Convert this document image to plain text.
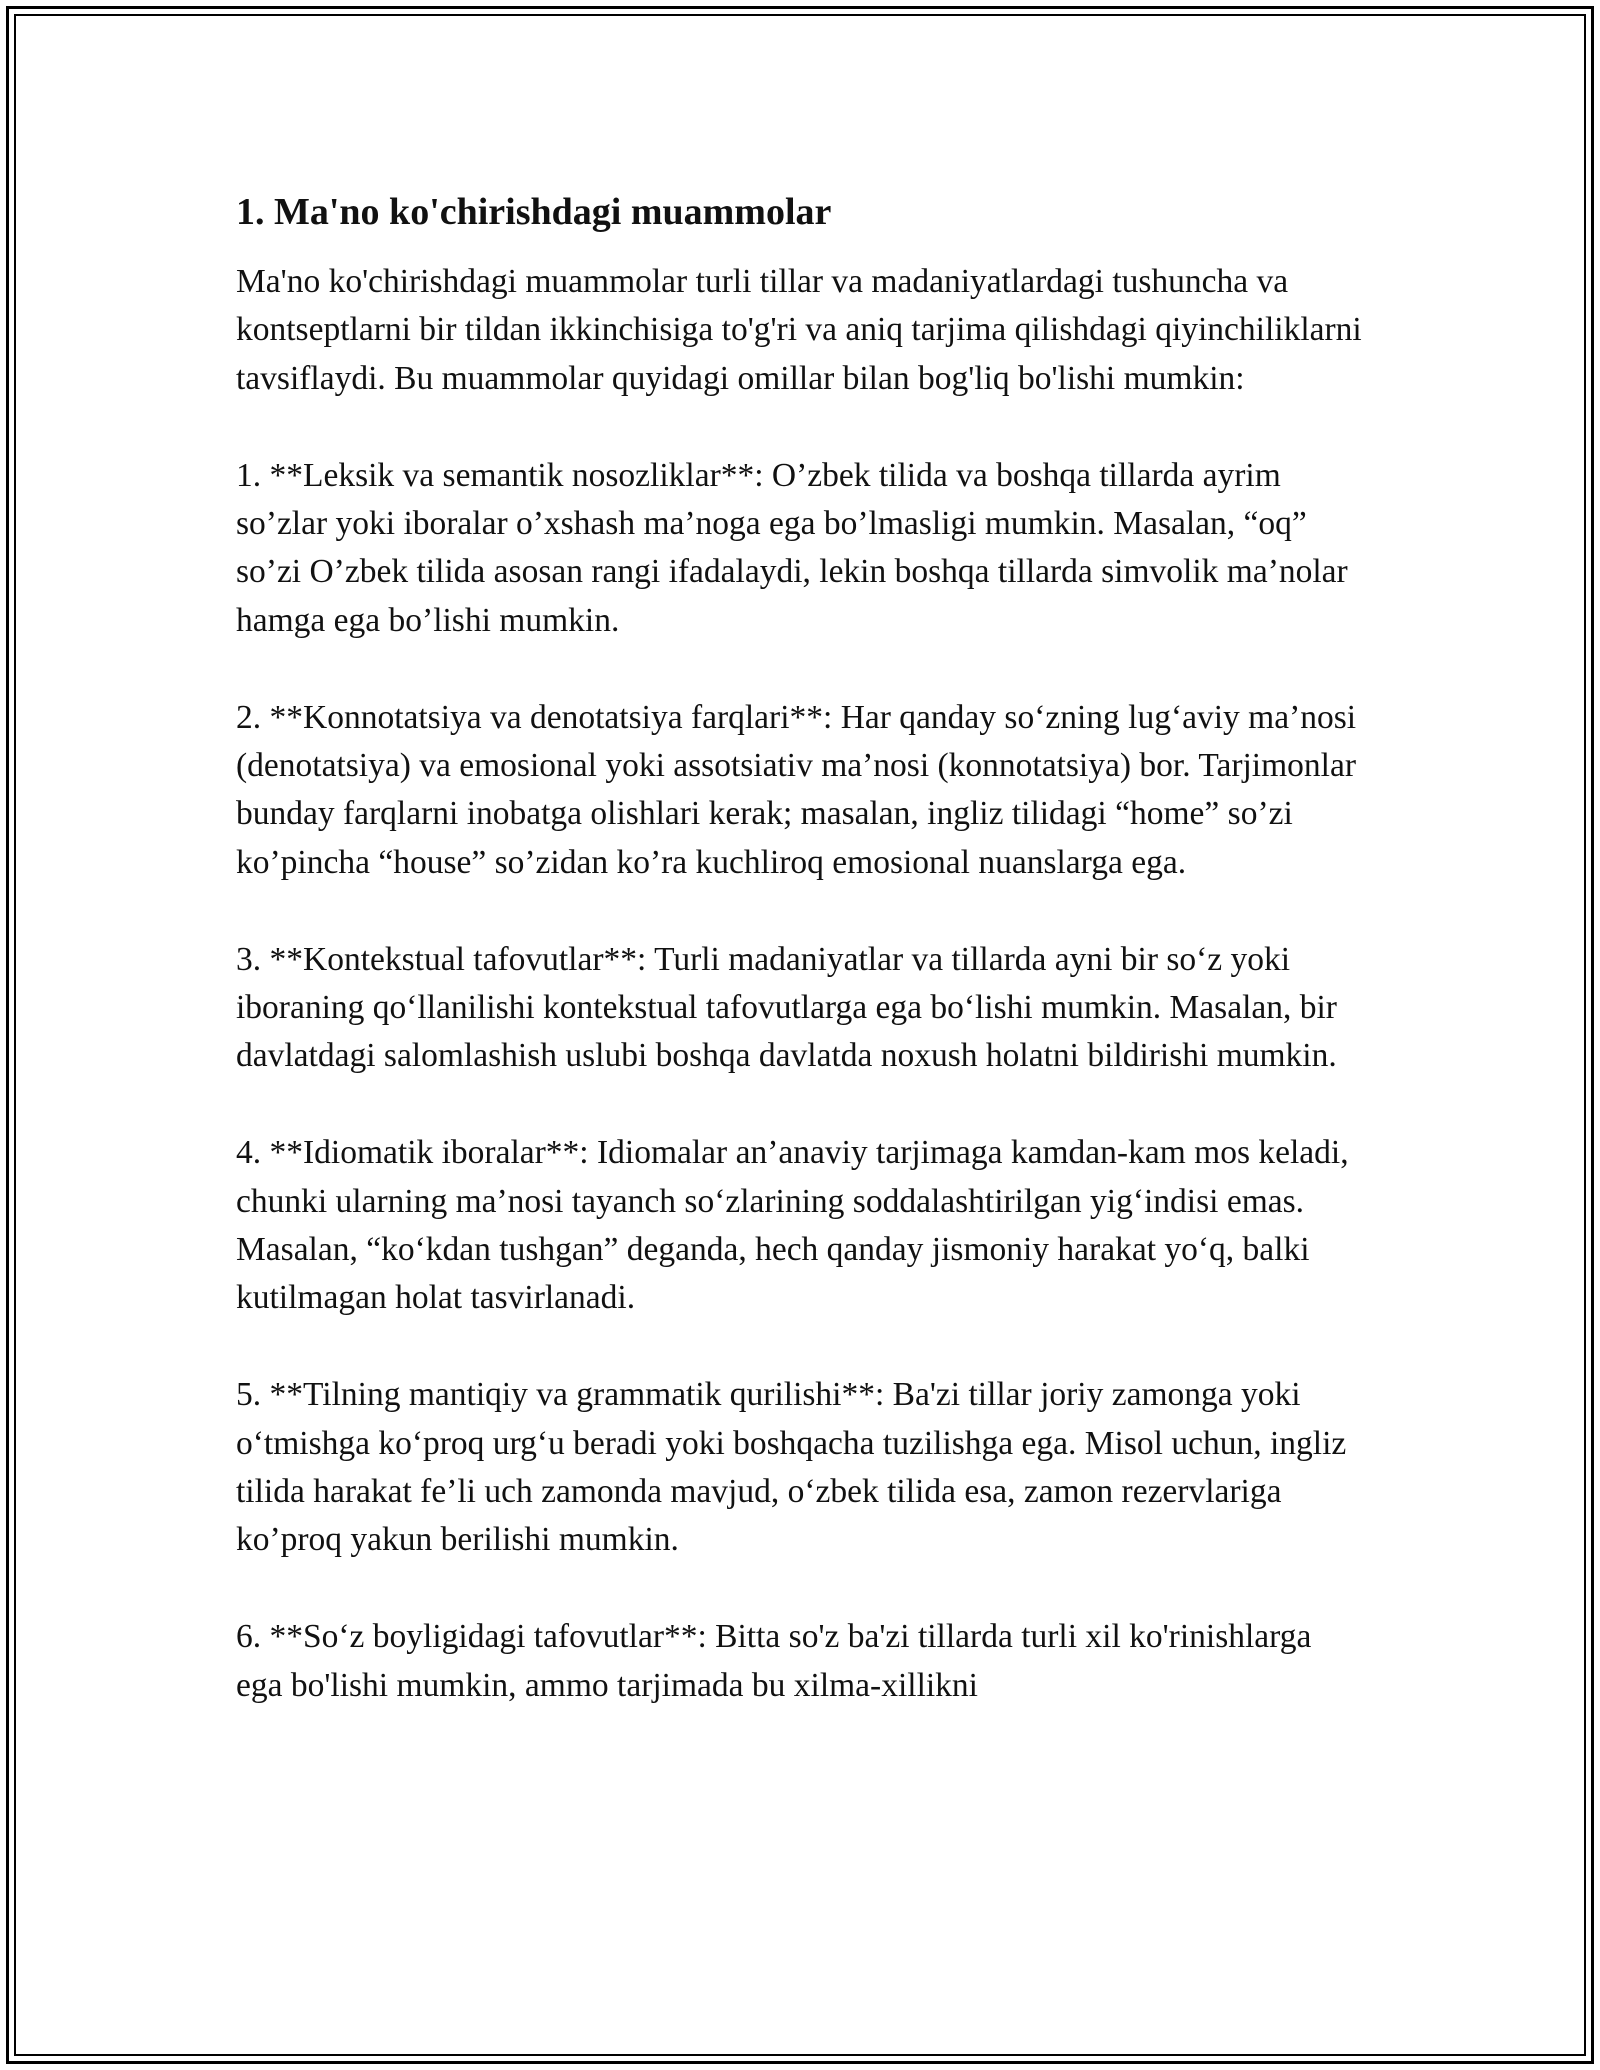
1. Ma'no ko'chirishdagi muammolar

Ma'no ko'chirishdagi muammolar turli tillar va madaniyatlardagi tushuncha va kontseptlarni bir tildan ikkinchisiga to'g'ri va aniq tarjima qilishdagi qiyinchiliklarni tavsiflaydi. Bu muammolar quyidagi omillar bilan bog'liq bo'lishi mumkin:

1. **Leksik va semantik nosozliklar**: O’zbek tilida va boshqa tillarda ayrim so’zlar yoki iboralar o’xshash ma’noga ega bo’lmasligi mumkin. Masalan, “oq” so’zi O’zbek tilida asosan rangi ifadalaydi, lekin boshqa tillarda simvolik ma’nolar hamga ega bo’lishi mumkin.

2. **Konnotatsiya va denotatsiya farqlari**: Har qanday so‘zning lug‘aviy ma’nosi (denotatsiya) va emosional yoki assotsiativ ma’nosi (konnotatsiya) bor. Tarjimonlar bunday farqlarni inobatga olishlari kerak; masalan, ingliz tilidagi “home” so’zi ko’pincha “house” so’zidan ko’ra kuchliroq emosional nuanslarga ega.

3. **Kontekstual tafovutlar**: Turli madaniyatlar va tillarda ayni bir so‘z yoki iboraning qo‘llanilishi kontekstual tafovutlarga ega bo‘lishi mumkin. Masalan, bir davlatdagi salomlashish uslubi boshqa davlatda noxush holatni bildirishi mumkin.

4. **Idiomatik iboralar**: Idiomalar an’anaviy tarjimaga kamdan-kam mos keladi, chunki ularning ma’nosi tayanch so‘zlarining soddalashtirilgan yig‘indisi emas. Masalan, “ko‘kdan tushgan” deganda, hech qanday jismoniy harakat yo‘q, balki kutilmagan holat tasvirlanadi.

5. **Tilning mantiqiy va grammatik qurilishi**: Ba'zi tillar joriy zamonga yoki o‘tmishga ko‘proq urg‘u beradi yoki boshqacha tuzilishga ega. Misol uchun, ingliz tilida harakat fe’li uch zamonda mavjud, o‘zbek tilida esa, zamon rezervlariga ko’proq yakun berilishi mumkin.

6. **So‘z boyligidagi tafovutlar**: Bitta so'z ba'zi tillarda turli xil ko'rinishlarga ega bo'lishi mumkin, ammo tarjimada bu xilma-xillikni
